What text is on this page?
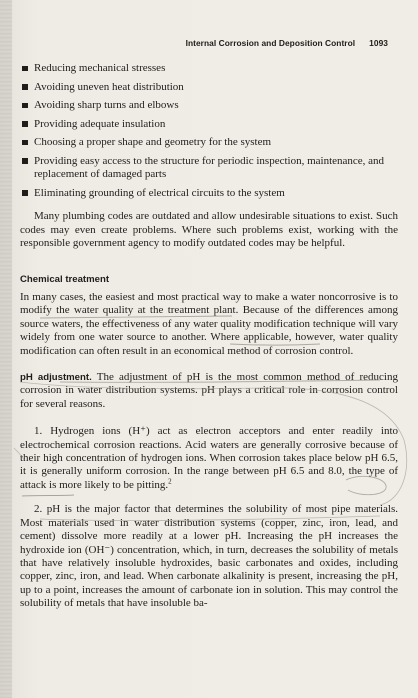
Internal Corrosion and Deposition Control 1093
Reducing mechanical stresses
Avoiding uneven heat distribution
Avoiding sharp turns and elbows
Providing adequate insulation
Choosing a proper shape and geometry for the system
Providing easy access to the structure for periodic inspection, maintenance, and replacement of damaged parts
Eliminating grounding of electrical circuits to the system

Many plumbing codes are outdated and allow undesirable situations to exist. Such codes may even create problems. Where such problems exist, working with the responsible government agency to modify outdated codes may be helpful.

Chemical treatment

In many cases, the easiest and most practical way to make a water noncorrosive is to modify the water quality at the treatment plant. Because of the differences among source waters, the effectiveness of any water quality modification technique will vary widely from one water source to another. Where applicable, however, water quality modification can often result in an economical method of corrosion control.

pH adjustment. The adjustment of pH is the most common method of reducing corrosion in water distribution systems. pH plays a critical role in corrosion control for several reasons.

1. Hydrogen ions (H⁺) act as electron acceptors and enter readily into electrochemical corrosion reactions. Acid waters are generally corrosive because of their high concentration of hydrogen ions. When corrosion takes place below pH 6.5, it is generally uniform corrosion. In the range between pH 6.5 and 8.0, the type of attack is more likely to be pitting.$^2$

2. pH is the major factor that determines the solubility of most pipe materials. Most materials used in water distribution systems (copper, zinc, iron, lead, and cement) dissolve more readily at a lower pH. Increasing the pH increases the hydroxide ion (OH⁻) concentration, which, in turn, decreases the solubility of metals that have relatively insoluble hydroxides, basic carbonates and oxides, including copper, zinc, iron, and lead. When carbonate alkalinity is present, increasing the pH, up to a point, increases the amount of carbonate ion in solution. This may control the solubility of metals that have insoluble ba-
